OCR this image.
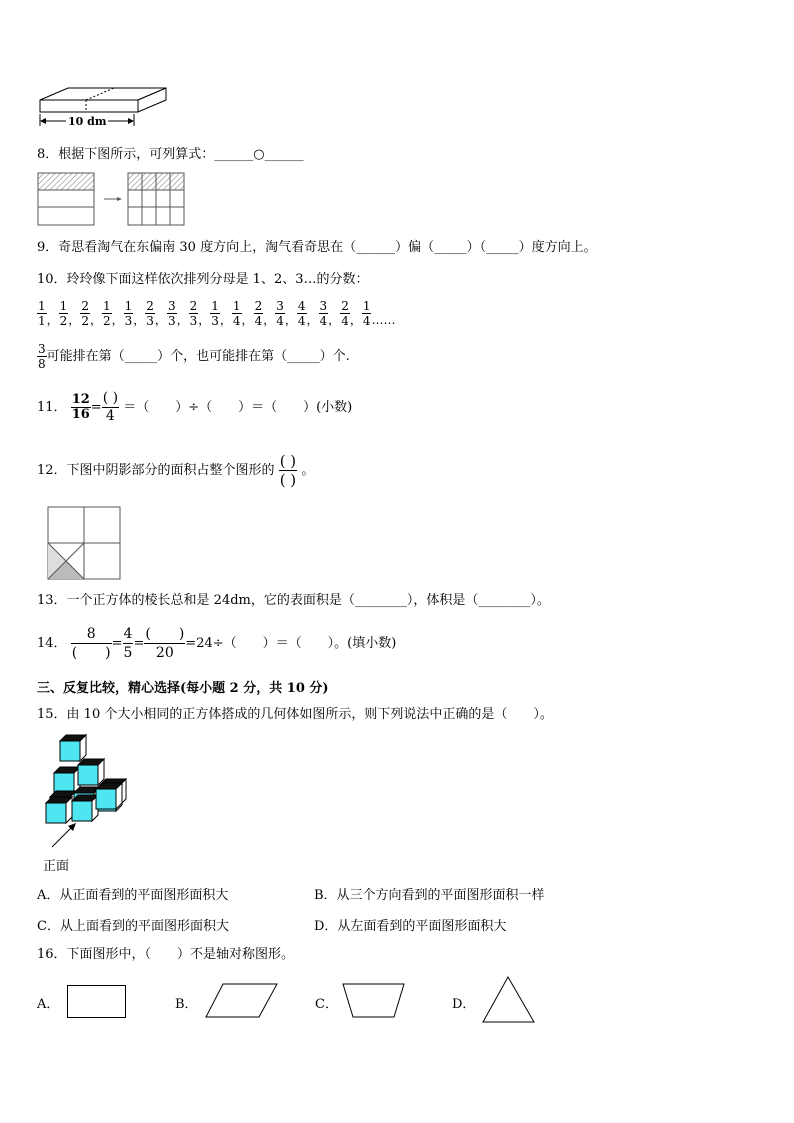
10 dm
8．根据下图所示，可列算式：______○______
9．奇思看淘气在东偏南 30 度方向上，淘气看奇思在（______）偏（_____）（_____）度方向上。
10．玲玲像下面这样依次排列分母是 1、2、3…的分数：
$\frac{1}{1}$ ， $\frac{1}{2}$ ， $\frac{2}{2}$ ， $\frac{1}{2}$ ， $\frac{1}{3}$ ， $\frac{2}{3}$ ， $\frac{3}{3}$ ， $\frac{2}{3}$ ， $\frac{1}{3}$ ， $\frac{1}{4}$ ， $\frac{2}{4}$ ， $\frac{3}{4}$ ， $\frac{4}{4}$ ， $\frac{3}{4}$ ， $\frac{2}{4}$ ， $\frac{1}{4}$ ……
$\frac{3}{8}$ 可能排在第（_____）个，也可能排在第（_____）个.
11． $\frac{12}{16} = \frac{( )}{4}$ ＝（　　）÷（　　）＝（　　）(小数)
12．下图中阴影部分的面积占整个图形的 $\frac{( )}{( )}$ 。
13．一个正方体的棱长总和是 24dm，它的表面积是（________），体积是（________）。
14． $\frac{8}{( )} = \frac{4}{5} = \frac{( )}{20} =24\div$（　　）＝（　　）。(填小数)
三、反复比较，精心选择(每小题 2 分，共 10 分)
15．由 10 个大小相同的正方体搭成的几何体如图所示，则下列说法中正确的是（　　）。
正面
A．从正面看到的平面图形面积大	B．从三个方向看到的平面图形面积一样
C．从上面看到的平面图形面积大	D．从左面看到的平面图形面积大
16．下面图形中，（　　）不是轴对称图形。
A．	B．	C．	D．
